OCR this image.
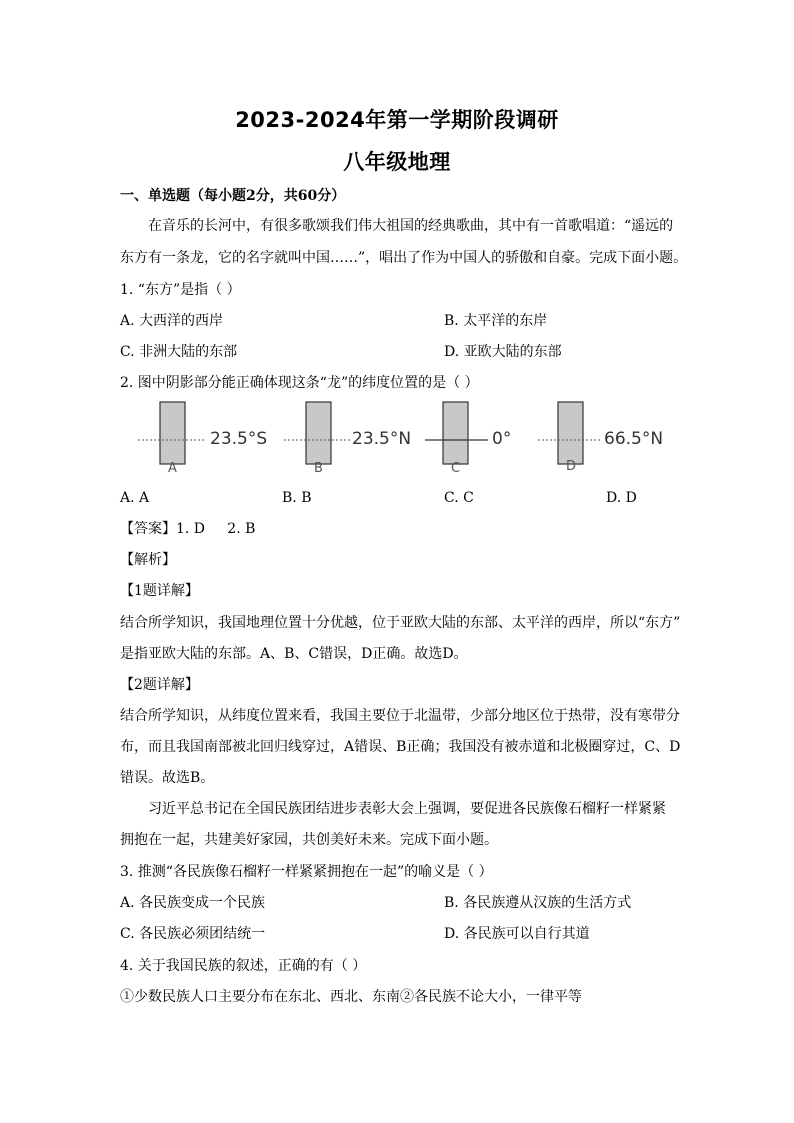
2023-2024年第一学期阶段调研
八年级地理
一、单选题（每小题2分，共60分）
在音乐的长河中，有很多歌颂我们伟大祖国的经典歌曲，其中有一首歌唱道：“遥远的
东方有一条龙，它的名字就叫中国……”，唱出了作为中国人的骄傲和自豪。完成下面小题。
1. “东方”是指（ ）
A. 大西洋的西岸	B. 太平洋的东岸
C. 非洲大陆的东部	D. 亚欧大陆的东部
2. 图中阴影部分能正确体现这条“龙”的纬度位置的是（ ）
23.5°S	23.5°N	0°	66.5°N
A	B	C	D
A. A	B. B	C. C	D. D
【答案】1. D     2. B
【解析】
【1题详解】
结合所学知识，我国地理位置十分优越，位于亚欧大陆的东部、太平洋的西岸，所以“东方”
是指亚欧大陆的东部。A、B、C错误，D正确。故选D。
【2题详解】
结合所学知识，从纬度位置来看，我国主要位于北温带，少部分地区位于热带，没有寒带分
布，而且我国南部被北回归线穿过，A错误、B正确；我国没有被赤道和北极圈穿过，C、D
错误。故选B。
习近平总书记在全国民族团结进步表彰大会上强调，要促进各民族像石榴籽一样紧紧
拥抱在一起，共建美好家园，共创美好未来。完成下面小题。
3. 推测“各民族像石榴籽一样紧紧拥抱在一起”的喻义是（ ）
A. 各民族变成一个民族	B. 各民族遵从汉族的生活方式
C. 各民族必须团结统一	D. 各民族可以自行其道
4. 关于我国民族的叙述，正确的有（ ）
①少数民族人口主要分布在东北、西北、东南②各民族不论大小，一律平等
